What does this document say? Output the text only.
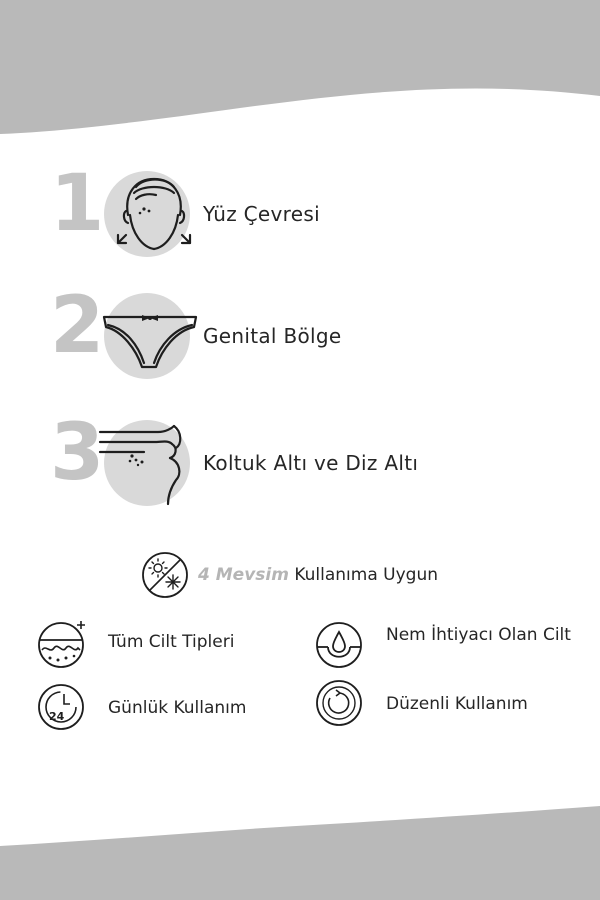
1	Yüz Çevresi
2	Genital Bölge
3	Koltuk Altı ve Diz Altı
4 Mevsim Kullanıma Uygun
Tüm Cilt Tipleri	Nem İhtiyacı Olan Cilt
24	Günlük Kullanım	Düzenli Kullanım
